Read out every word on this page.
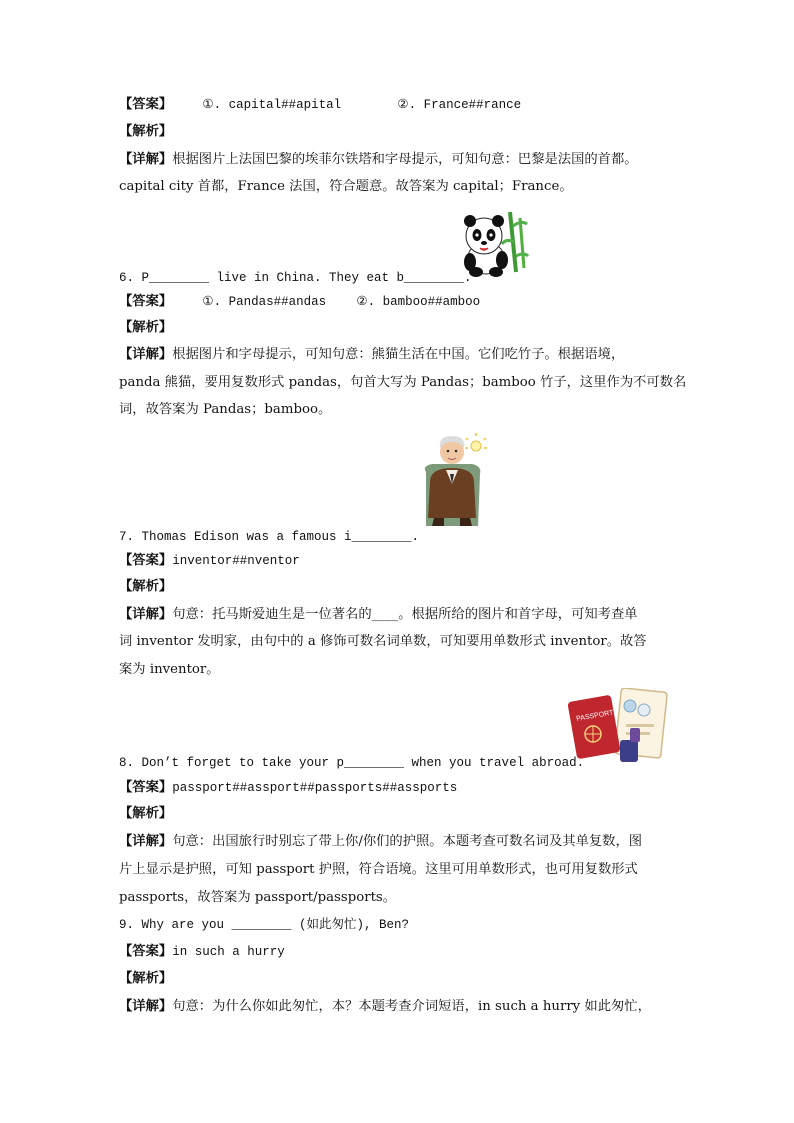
【答案】 ①. capital##apital	②. France##rance
【解析】
【详解】根据图片上法国巴黎的埃菲尔铁塔和字母提示，可知句意：巴黎是法国的首都。
capital city 首都，France 法国，符合题意。故答案为 capital；France。
6. P________ live in China. They eat b________.
【答案】 ①. Pandas##andas ②. bamboo##amboo
【解析】
【详解】根据图片和字母提示，可知句意：熊猫生活在中国。它们吃竹子。根据语境，
panda 熊猫，要用复数形式 pandas，句首大写为 Pandas；bamboo 竹子，这里作为不可数名
词，故答案为 Pandas；bamboo。
7. Thomas Edison was a famous i________.
【答案】inventor##nventor
【解析】
【详解】句意：托马斯爱迪生是一位著名的____。根据所给的图片和首字母，可知考查单
词 inventor 发明家，由句中的 a 修饰可数名词单数，可知要用单数形式 inventor。故答
案为 inventor。
PASSPORT
8. Don’t forget to take your p________ when you travel abroad.
【答案】passport##assport##passports##assports
【解析】
【详解】句意：出国旅行时别忘了带上你/你们的护照。本题考查可数名词及其单复数，图
片上显示是护照，可知 passport 护照，符合语境。这里可用单数形式，也可用复数形式
passports，故答案为 passport/passports。
9. Why are you ________ (如此匆忙), Ben?
【答案】in such a hurry
【解析】
【详解】句意：为什么你如此匆忙，本？本题考查介词短语，in such a hurry 如此匆忙，
